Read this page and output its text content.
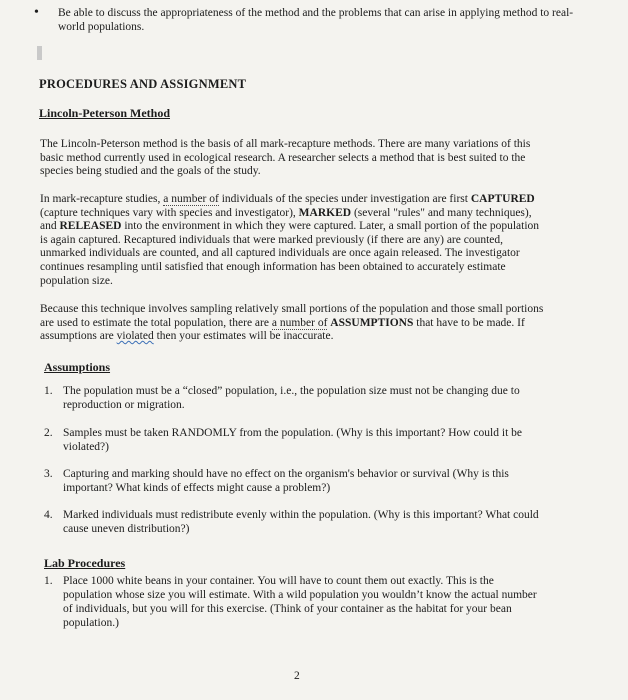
• Be able to discuss the appropriateness of the method and the problems that can arise in applying method to real-world populations.
PROCEDURES AND ASSIGNMENT
Lincoln-Peterson Method

The Lincoln-Peterson method is the basis of all mark-recapture methods. There are many variations of this basic method currently used in ecological research. A researcher selects a method that is best suited to the species being studied and the goals of the study.

In mark-recapture studies, a number of individuals of the species under investigation are first CAPTURED (capture techniques vary with species and investigator), MARKED (several "rules" and many techniques), and RELEASED into the environment in which they were captured. Later, a small portion of the population is again captured. Recaptured individuals that were marked previously (if there are any) are counted, unmarked individuals are counted, and all captured individuals are once again released. The investigator continues resampling until satisfied that enough information has been obtained to accurately estimate population size.

Because this technique involves sampling relatively small portions of the population and those small portions are used to estimate the total population, there are a number of ASSUMPTIONS that have to be made. If assumptions are violated then your estimates will be inaccurate.

Assumptions
1. The population must be a “closed” population, i.e., the population size must not be changing due to reproduction or migration.
2. Samples must be taken RANDOMLY from the population. (Why is this important? How could it be violated?)
3. Capturing and marking should have no effect on the organism's behavior or survival (Why is this important? What kinds of effects might cause a problem?)
4. Marked individuals must redistribute evenly within the population. (Why is this important? What could cause uneven distribution?)
Lab Procedures
1. Place 1000 white beans in your container. You will have to count them out exactly. This is the population whose size you will estimate. With a wild population you wouldn’t know the actual number of individuals, but you will for this exercise. (Think of your container as the habitat for your bean population.)
2
